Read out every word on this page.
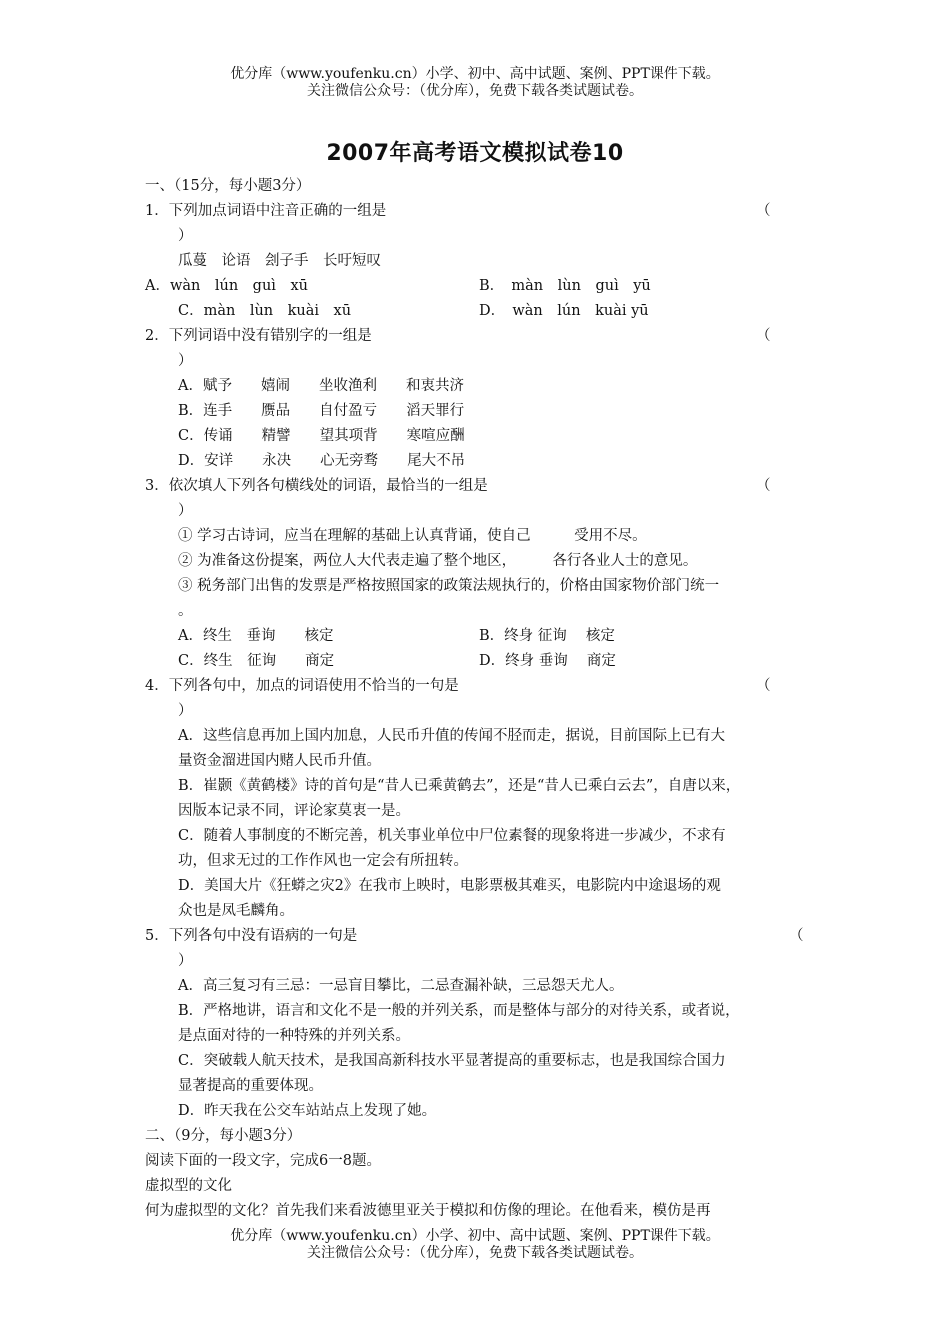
优分库（www.youfenku.cn）小学、初中、高中试题、案例、PPT课件下载。
关注微信公众号：（优分库），免费下载各类试题试卷。
2007年高考语文模拟试卷10
一、（15分，每小题3分）
1．下列加点词语中注音正确的一组是	（
）
瓜蔓　论语　刽子手　长吁短叹
A．wàn　lún　guì　xū	B．　màn　lùn　guì　yū
C．màn　lùn　kuài　xū	D．　wàn　lún　kuài yū
2．下列词语中没有错别字的一组是	（
）
A．赋予　　嬉闹　　坐收渔利　　和衷共济
B．连手　　赝品　　自付盈亏　　滔天罪行
C．传诵　　精譬　　望其项背　　寒喧应酬
D．安详　　永决　　心无旁骛　　尾大不吊
3．依次填人下列各句横线处的词语，最恰当的一组是	（
）
① 学习古诗词，应当在理解的基础上认真背诵，使自己　　　受用不尽。
② 为准备这份提案，两位人大代表走遍了整个地区，　　　各行各业人士的意见。
③ 税务部门出售的发票是严格按照国家的政策法规执行的，价格由国家物价部门统一
。
A．终生　垂询　　核定	B．终身 征询　 核定
C．终生　征询　　商定	D．终身 垂询　 商定
4．下列各句中，加点的词语使用不恰当的一句是	（
）
A．这些信息再加上国内加息，人民币升值的传闻不胫而走，据说，目前国际上已有大
量资金溜进国内赌人民币升值。
B．崔颢《黄鹤楼》诗的首句是“昔人已乘黄鹤去”，还是“昔人已乘白云去”，自唐以来，
因版本记录不同，评论家莫衷一是。
C．随着人事制度的不断完善，机关事业单位中尸位素餐的现象将进一步减少，不求有
功，但求无过的工作作风也一定会有所扭转。
D．美国大片《狂蟒之灾2》在我市上映时，电影票极其难买，电影院内中途退场的观
众也是凤毛麟角。
5．下列各句中没有语病的一句是	（
）
A．高三复习有三忌：一忌盲目攀比，二忌查漏补缺，三忌怨天尤人。
B．严格地讲，语言和文化不是一般的并列关系，而是整体与部分的对待关系，或者说，
是点面对待的一种特殊的并列关系。
C．突破载人航天技术，是我国高新科技水平显著提高的重要标志，也是我国综合国力
显著提高的重要体现。
D．昨天我在公交车站站点上发现了她。
二、（9分，每小题3分）
阅读下面的一段文字，完成6一8题。
虚拟型的文化
何为虚拟型的文化？首先我们来看波德里亚关于模拟和仿像的理论。在他看来，模仿是再
优分库（www.youfenku.cn）小学、初中、高中试题、案例、PPT课件下载。
关注微信公众号：（优分库），免费下载各类试题试卷。
